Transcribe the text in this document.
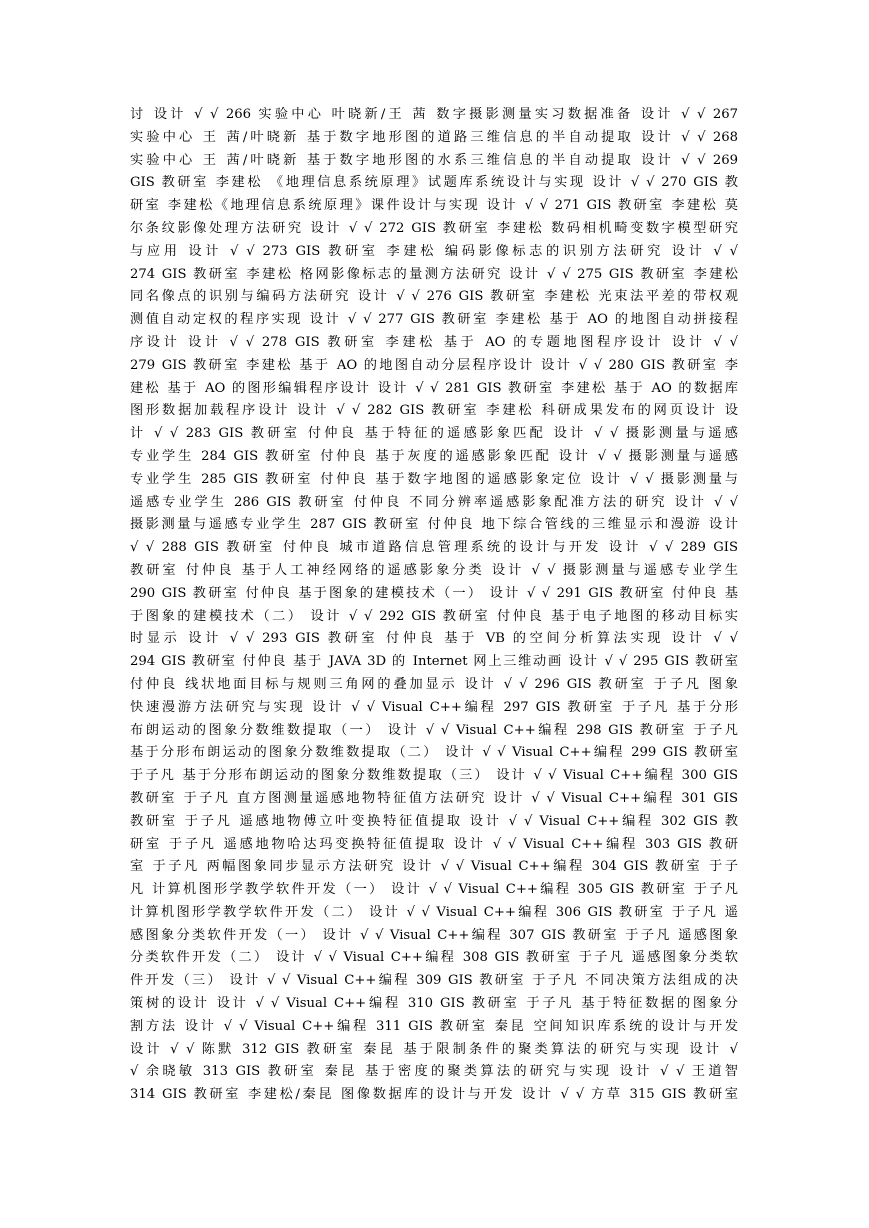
讨 设计 √ √ 266 实验中心 叶晓新/王 茜 数字摄影测量实习数据准备 设计 √ √ 267
实验中心 王 茜/叶晓新 基于数字地形图的道路三维信息的半自动提取 设计 √ √ 268
实验中心 王 茜/叶晓新 基于数字地形图的水系三维信息的半自动提取 设计 √ √ 269
GIS 教研室 李建松 《地理信息系统原理》试题库系统设计与实现 设计 √ √ 270 GIS 教
研室 李建松《地理信息系统原理》课件设计与实现 设计 √ √ 271 GIS 教研室 李建松 莫
尔条纹影像处理方法研究 设计 √ √ 272 GIS 教研室 李建松 数码相机畸变数字模型研究
与应用 设计 √ √ 273 GIS 教研室 李建松 编码影像标志的识别方法研究 设计 √ √
274 GIS 教研室 李建松 格网影像标志的量测方法研究 设计 √ √ 275 GIS 教研室 李建松
同名像点的识别与编码方法研究 设计 √ √ 276 GIS 教研室 李建松 光束法平差的带权观
测值自动定权的程序实现 设计 √ √ 277 GIS 教研室 李建松 基于 AO 的地图自动拼接程
序设计 设计 √ √ 278 GIS 教研室 李建松 基于 AO 的专题地图程序设计 设计 √ √
279 GIS 教研室 李建松 基于 AO 的地图自动分层程序设计 设计 √ √ 280 GIS 教研室 李
建松 基于 AO 的图形编辑程序设计 设计 √ √ 281 GIS 教研室 李建松 基于 AO 的数据库
图形数据加载程序设计 设计 √ √ 282 GIS 教研室 李建松 科研成果发布的网页设计 设
计 √ √ 283 GIS 教研室 付仲良 基于特征的遥感影象匹配 设计 √ √ 摄影测量与遥感
专业学生 284 GIS 教研室 付仲良 基于灰度的遥感影象匹配 设计 √ √ 摄影测量与遥感
专业学生 285 GIS 教研室 付仲良 基于数字地图的遥感影象定位 设计 √ √ 摄影测量与
遥感专业学生 286 GIS 教研室 付仲良 不同分辨率遥感影象配准方法的研究 设计 √ √
摄影测量与遥感专业学生 287 GIS 教研室 付仲良 地下综合管线的三维显示和漫游 设计
√ √ 288 GIS 教研室 付仲良 城市道路信息管理系统的设计与开发 设计 √ √ 289 GIS
教研室 付仲良 基于人工神经网络的遥感影象分类 设计 √ √ 摄影测量与遥感专业学生
290 GIS 教研室 付仲良 基于图象的建模技术（一） 设计 √ √ 291 GIS 教研室 付仲良 基
于图象的建模技术（二） 设计 √ √ 292 GIS 教研室 付仲良 基于电子地图的移动目标实
时显示 设计 √ √ 293 GIS 教研室 付仲良 基于 VB 的空间分析算法实现 设计 √ √
294 GIS 教研室 付仲良 基于 JAVA 3D 的 Internet 网上三维动画 设计 √ √ 295 GIS 教研室
付仲良 线状地面目标与规则三角网的叠加显示 设计 √ √ 296 GIS 教研室 于子凡 图象
快速漫游方法研究与实现 设计 √ √ Visual C++编程 297 GIS 教研室 于子凡 基于分形
布朗运动的图象分数维数提取（一） 设计 √ √ Visual C++编程 298 GIS 教研室 于子凡
基于分形布朗运动的图象分数维数提取（二） 设计 √ √ Visual C++编程 299 GIS 教研室
于子凡 基于分形布朗运动的图象分数维数提取（三） 设计 √ √ Visual C++编程 300 GIS
教研室 于子凡 直方图测量遥感地物特征值方法研究 设计 √ √ Visual C++编程 301 GIS
教研室 于子凡 遥感地物傅立叶变换特征值提取 设计 √ √ Visual C++编程 302 GIS 教
研室 于子凡 遥感地物哈达玛变换特征值提取 设计 √ √ Visual C++编程 303 GIS 教研
室 于子凡 两幅图象同步显示方法研究 设计 √ √ Visual C++编程 304 GIS 教研室 于子
凡 计算机图形学教学软件开发（一） 设计 √ √ Visual C++编程 305 GIS 教研室 于子凡
计算机图形学教学软件开发（二） 设计 √ √ Visual C++编程 306 GIS 教研室 于子凡 遥
感图象分类软件开发（一） 设计 √ √ Visual C++编程 307 GIS 教研室 于子凡 遥感图象
分类软件开发（二） 设计 √ √ Visual C++编程 308 GIS 教研室 于子凡 遥感图象分类软
件开发（三） 设计 √ √ Visual C++编程 309 GIS 教研室 于子凡 不同决策方法组成的决
策树的设计 设计 √ √ Visual C++编程 310 GIS 教研室 于子凡 基于特征数据的图象分
割方法 设计 √ √ Visual C++编程 311 GIS 教研室 秦昆 空间知识库系统的设计与开发
设计 √ √ 陈默 312 GIS 教研室 秦昆 基于限制条件的聚类算法的研究与实现 设计 √
√ 余晓敏 313 GIS 教研室 秦昆 基于密度的聚类算法的研究与实现 设计 √ √ 王道智
314 GIS 教研室 李建松/秦昆 图像数据库的设计与开发 设计 √ √ 方草 315 GIS 教研室
